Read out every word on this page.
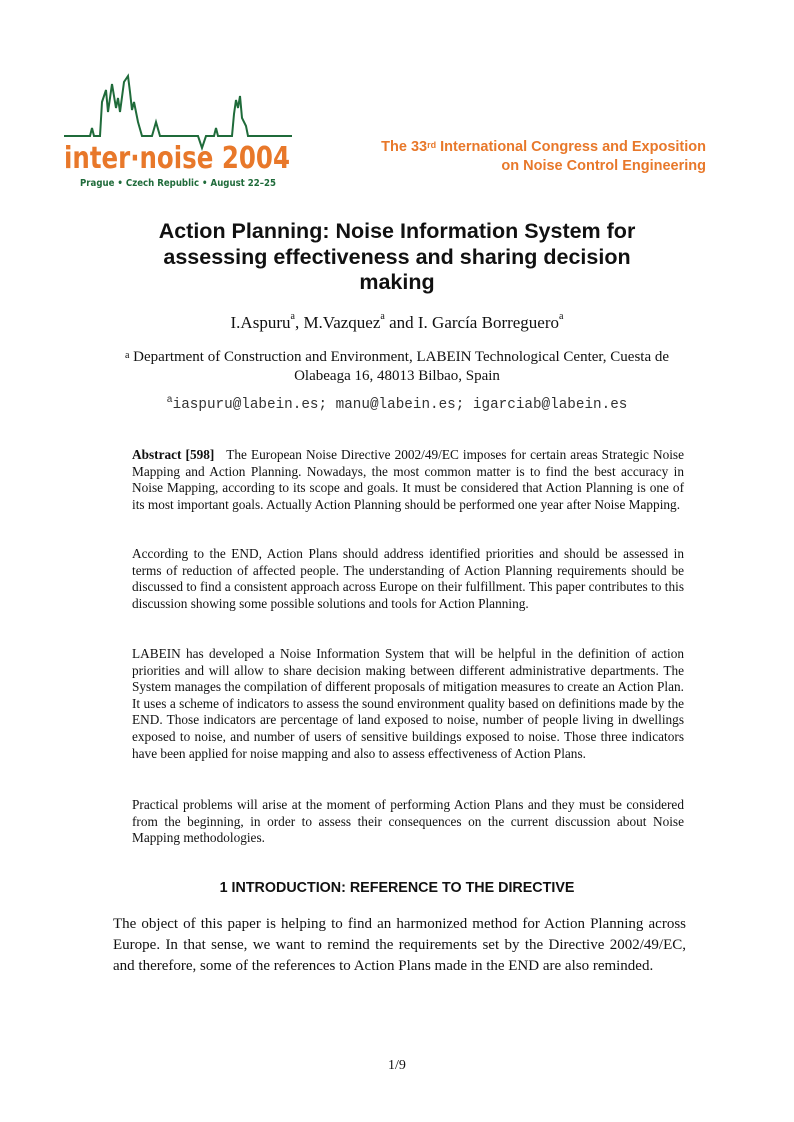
inter·noise 2004
Prague • Czech Republic • August 22–25
The 33rd International Congress and Exposition
on Noise Control Engineering
Action Planning: Noise Information System for assessing effectiveness and sharing decision making
I.Aspuru$^a$, M.Vazquez$^a$ and I. García Borreguero$^a$
$^a$ Department of Construction and Environment, LABEIN Technological Center, Cuesta de Olabeaga 16, 48013 Bilbao, Spain
$^a$iaspuru@labein.es; manu@labein.es; igarciab@labein.es

Abstract [598] The European Noise Directive 2002/49/EC imposes for certain areas Strategic Noise Mapping and Action Planning. Nowadays, the most common matter is to find the best accuracy in Noise Mapping, according to its scope and goals. It must be considered that Action Planning is one of its most important goals. Actually Action Planning should be performed one year after Noise Mapping.

According to the END, Action Plans should address identified priorities and should be assessed in terms of reduction of affected people. The understanding of Action Planning requirements should be discussed to find a consistent approach across Europe on their fulfillment. This paper contributes to this discussion showing some possible solutions and tools for Action Planning.

LABEIN has developed a Noise Information System that will be helpful in the definition of action priorities and will allow to share decision making between different administrative departments. The System manages the compilation of different proposals of mitigation measures to create an Action Plan. It uses a scheme of indicators to assess the sound environment quality based on definitions made by the END. Those indicators are percentage of land exposed to noise, number of people living in dwellings exposed to noise, and number of users of sensitive buildings exposed to noise. Those three indicators have been applied for noise mapping and also to assess effectiveness of Action Plans.

Practical problems will arise at the moment of performing Action Plans and they must be considered from the beginning, in order to assess their consequences on the current discussion about Noise Mapping methodologies.

1 INTRODUCTION: REFERENCE TO THE DIRECTIVE

The object of this paper is helping to find an harmonized method for Action Planning across Europe. In that sense, we want to remind the requirements set by the Directive 2002/49/EC, and therefore, some of the references to Action Plans made in the END are also reminded.

1/9
